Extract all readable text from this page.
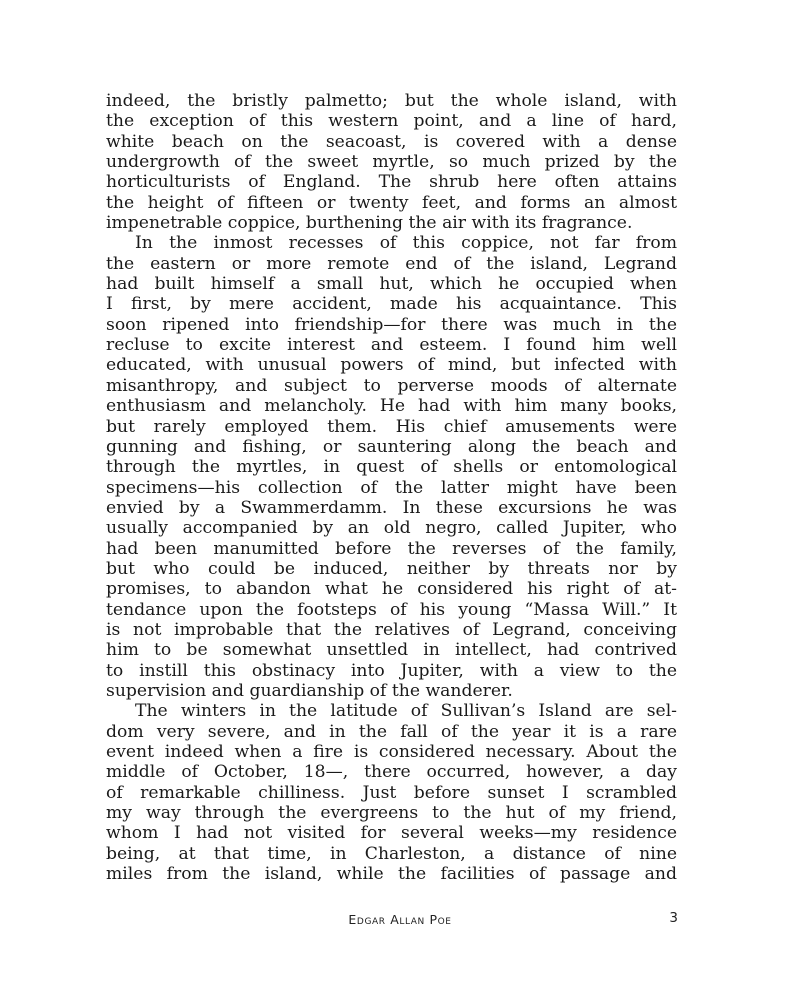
indeed, the bristly palmetto; but the whole island, with
the exception of this western point, and a line of hard,
white beach on the seacoast, is covered with a dense
undergrowth of the sweet myrtle, so much prized by the
horticulturists of England. The shrub here often attains
the height of fifteen or twenty feet, and forms an almost
impenetrable coppice, burthening the air with its fragrance.
In the inmost recesses of this coppice, not far from
the eastern or more remote end of the island, Legrand
had built himself a small hut, which he occupied when
I first, by mere accident, made his acquaintance. This
soon ripened into friendship—for there was much in the
recluse to excite interest and esteem. I found him well
educated, with unusual powers of mind, but infected with
misanthropy, and subject to perverse moods of alternate
enthusiasm and melancholy. He had with him many books,
but rarely employed them. His chief amusements were
gunning and fishing, or sauntering along the beach and
through the myrtles, in quest of shells or entomological
specimens—his collection of the latter might have been
envied by a Swammerdamm. In these excursions he was
usually accompanied by an old negro, called Jupiter, who
had been manumitted before the reverses of the family,
but who could be induced, neither by threats nor by
promises, to abandon what he considered his right of at-
tendance upon the footsteps of his young “Massa Will.” It
is not improbable that the relatives of Legrand, conceiving
him to be somewhat unsettled in intellect, had contrived
to instill this obstinacy into Jupiter, with a view to the
supervision and guardianship of the wanderer.
The winters in the latitude of Sullivan’s Island are sel-
dom very severe, and in the fall of the year it is a rare
event indeed when a fire is considered necessary. About the
middle of October, 18—, there occurred, however, a day
of remarkable chilliness. Just before sunset I scrambled
my way through the evergreens to the hut of my friend,
whom I had not visited for several weeks—my residence
being, at that time, in Charleston, a distance of nine
miles from the island, while the facilities of passage and
Edgar Allan Poe	3
